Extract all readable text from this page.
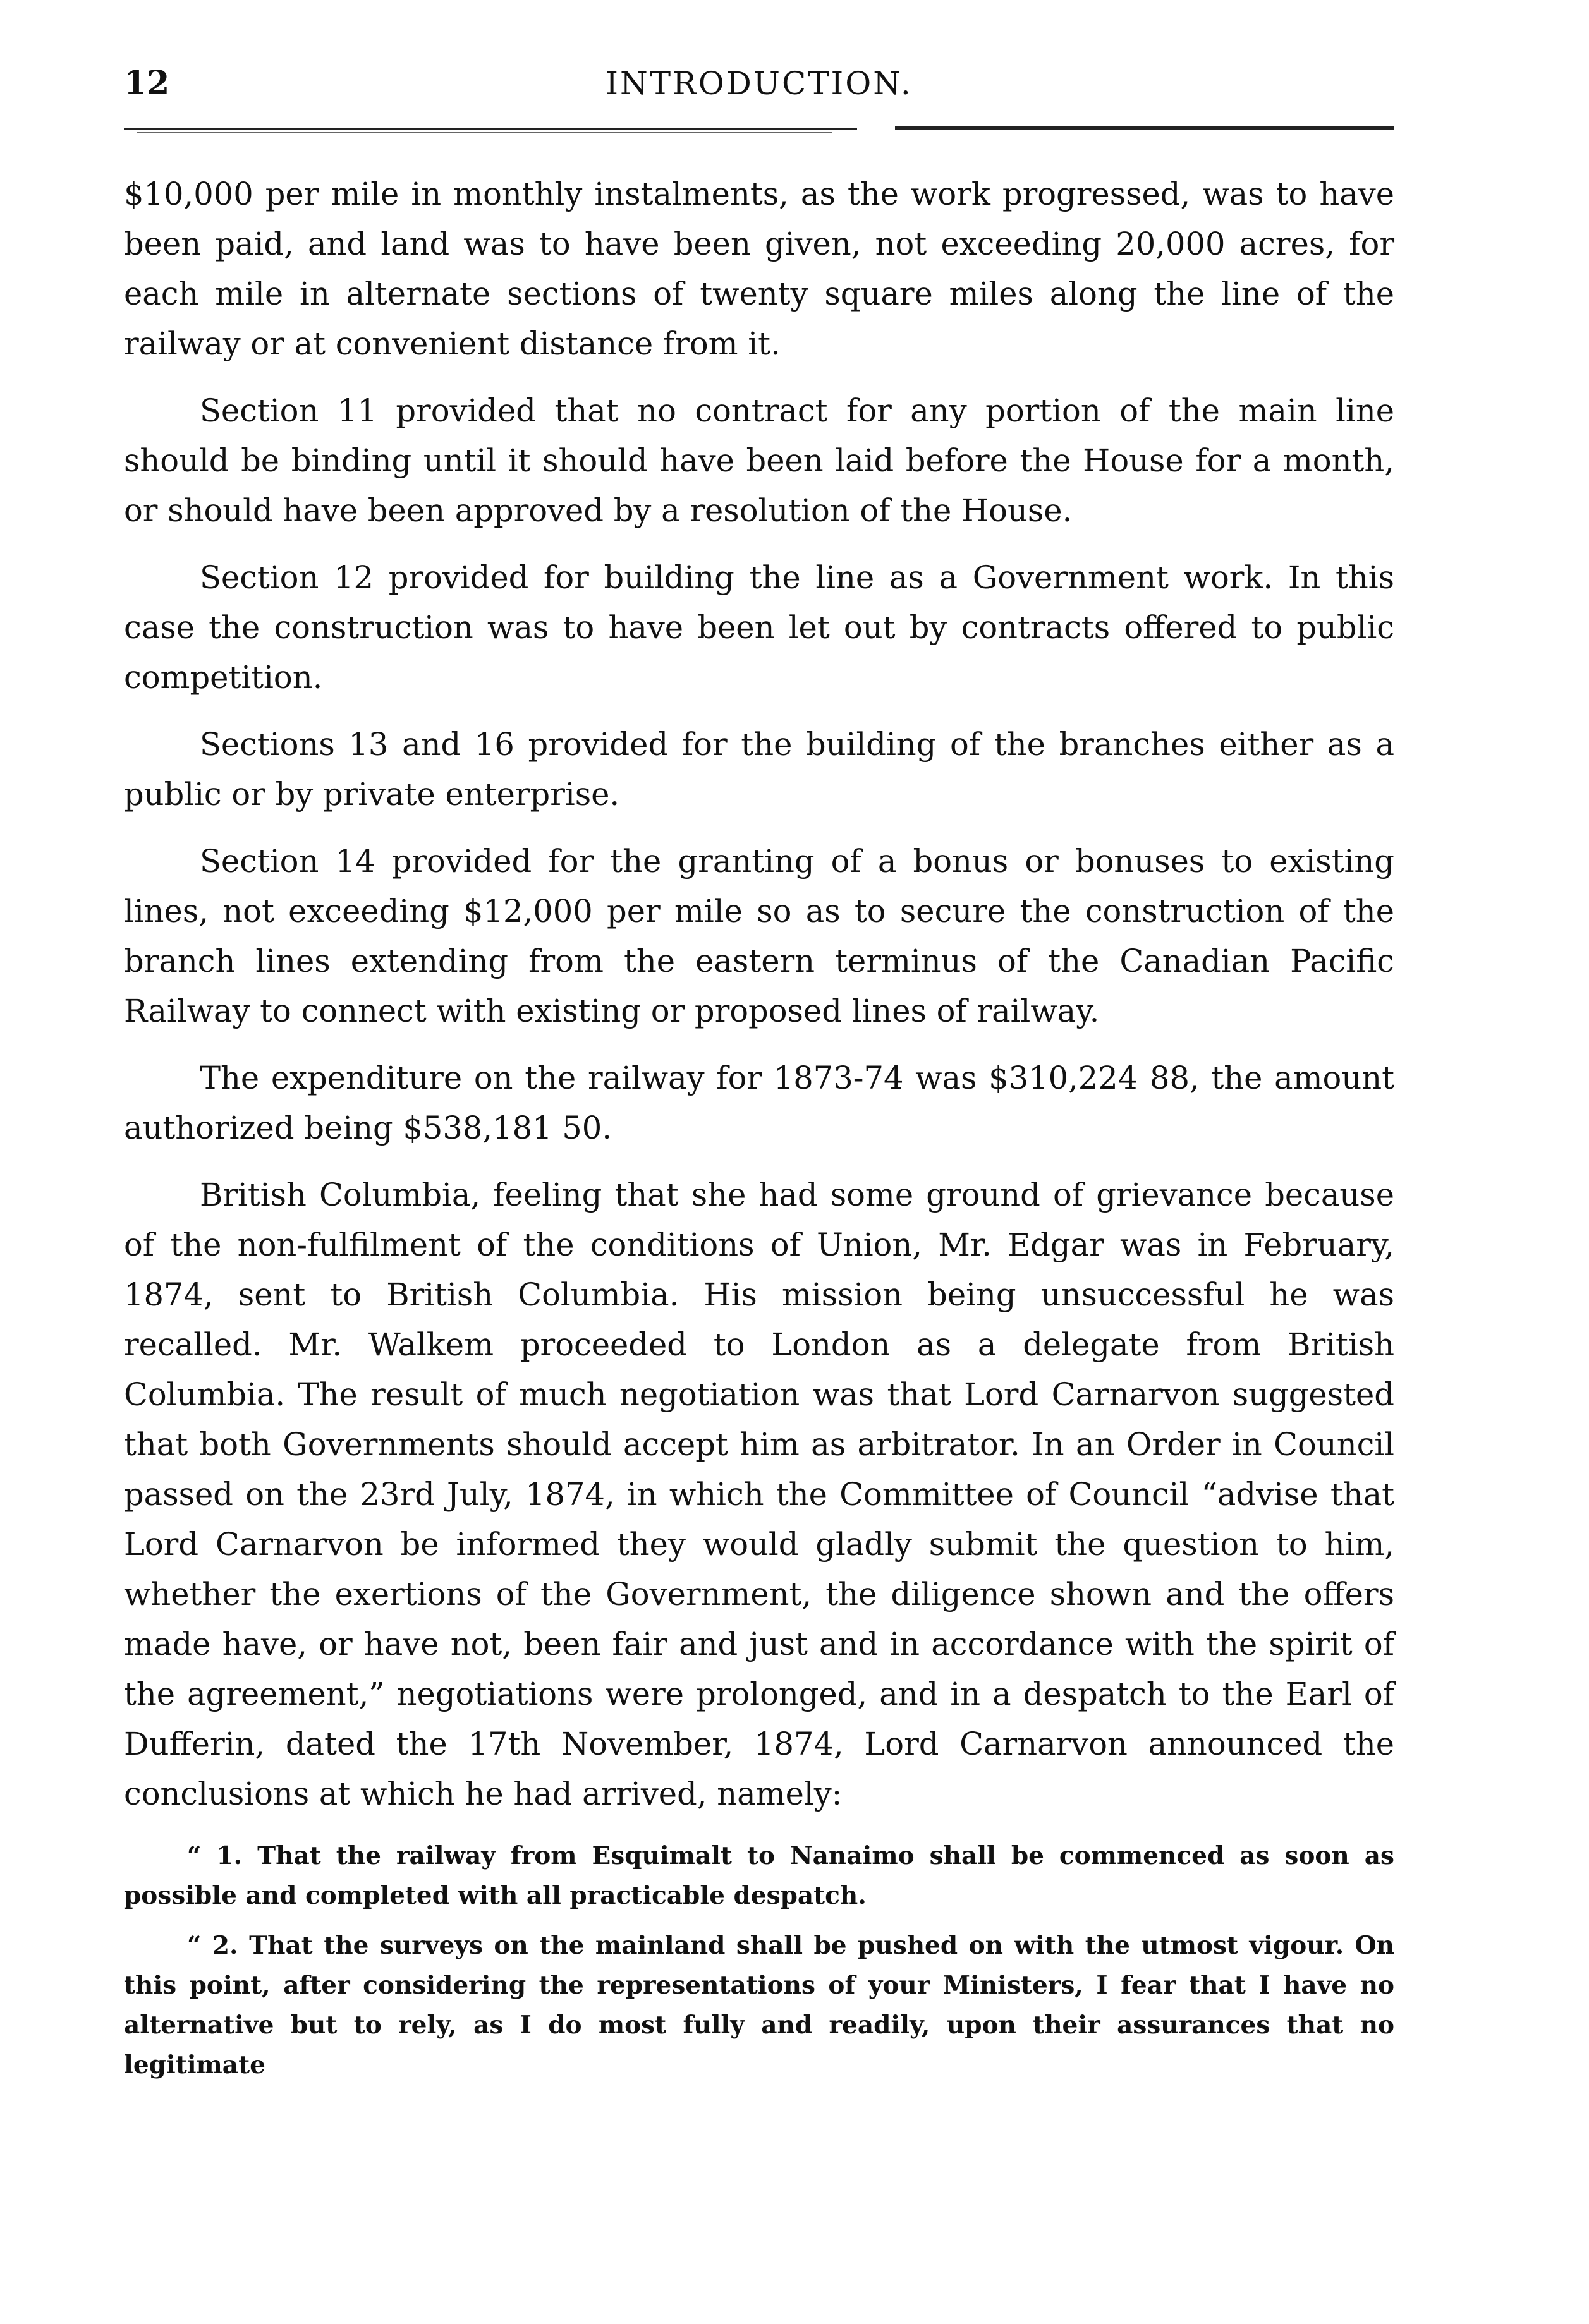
12	INTRODUCTION.

$10,000 per mile in monthly instalments, as the work progressed, was to have been paid, and land was to have been given, not exceeding 20,000 acres, for each mile in alternate sections of twenty square miles along the line of the railway or at convenient distance from it.

Section 11 provided that no contract for any portion of the main line should be binding until it should have been laid before the House for a month, or should have been approved by a resolution of the House.

Section 12 provided for building the line as a Government work. In this case the construction was to have been let out by contracts offered to public competition.

Sections 13 and 16 provided for the building of the branches either as a public or by private enterprise.

Section 14 provided for the granting of a bonus or bonuses to existing lines, not exceeding $12,000 per mile so as to secure the construction of the branch lines extending from the eastern terminus of the Canadian Pacific Railway to connect with existing or proposed lines of railway.

The expenditure on the railway for 1873-74 was $310,224 88, the amount authorized being $538,181 50.

British Columbia, feeling that she had some ground of grievance because of the non-fulfilment of the conditions of Union, Mr. Edgar was in February, 1874, sent to British Columbia. His mission being unsuccessful he was recalled. Mr. Walkem proceeded to London as a delegate from British Columbia. The result of much negotiation was that Lord Carnarvon suggested that both Governments should accept him as arbitrator. In an Order in Council passed on the 23rd July, 1874, in which the Committee of Council “advise that Lord Carnarvon be informed they would gladly submit the question to him, whether the exertions of the Government, the diligence shown and the offers made have, or have not, been fair and just and in accordance with the spirit of the agreement,” negotiations were prolonged, and in a despatch to the Earl of Dufferin, dated the 17th November, 1874, Lord Carnarvon announced the conclusions at which he had arrived, namely:

“ 1. That the railway from Esquimalt to Nanaimo shall be commenced as soon as possible and completed with all practicable despatch.

“ 2. That the surveys on the mainland shall be pushed on with the utmost vigour. On this point, after considering the representations of your Ministers, I fear that I have no alternative but to rely, as I do most fully and readily, upon their assurances that no legitimate
